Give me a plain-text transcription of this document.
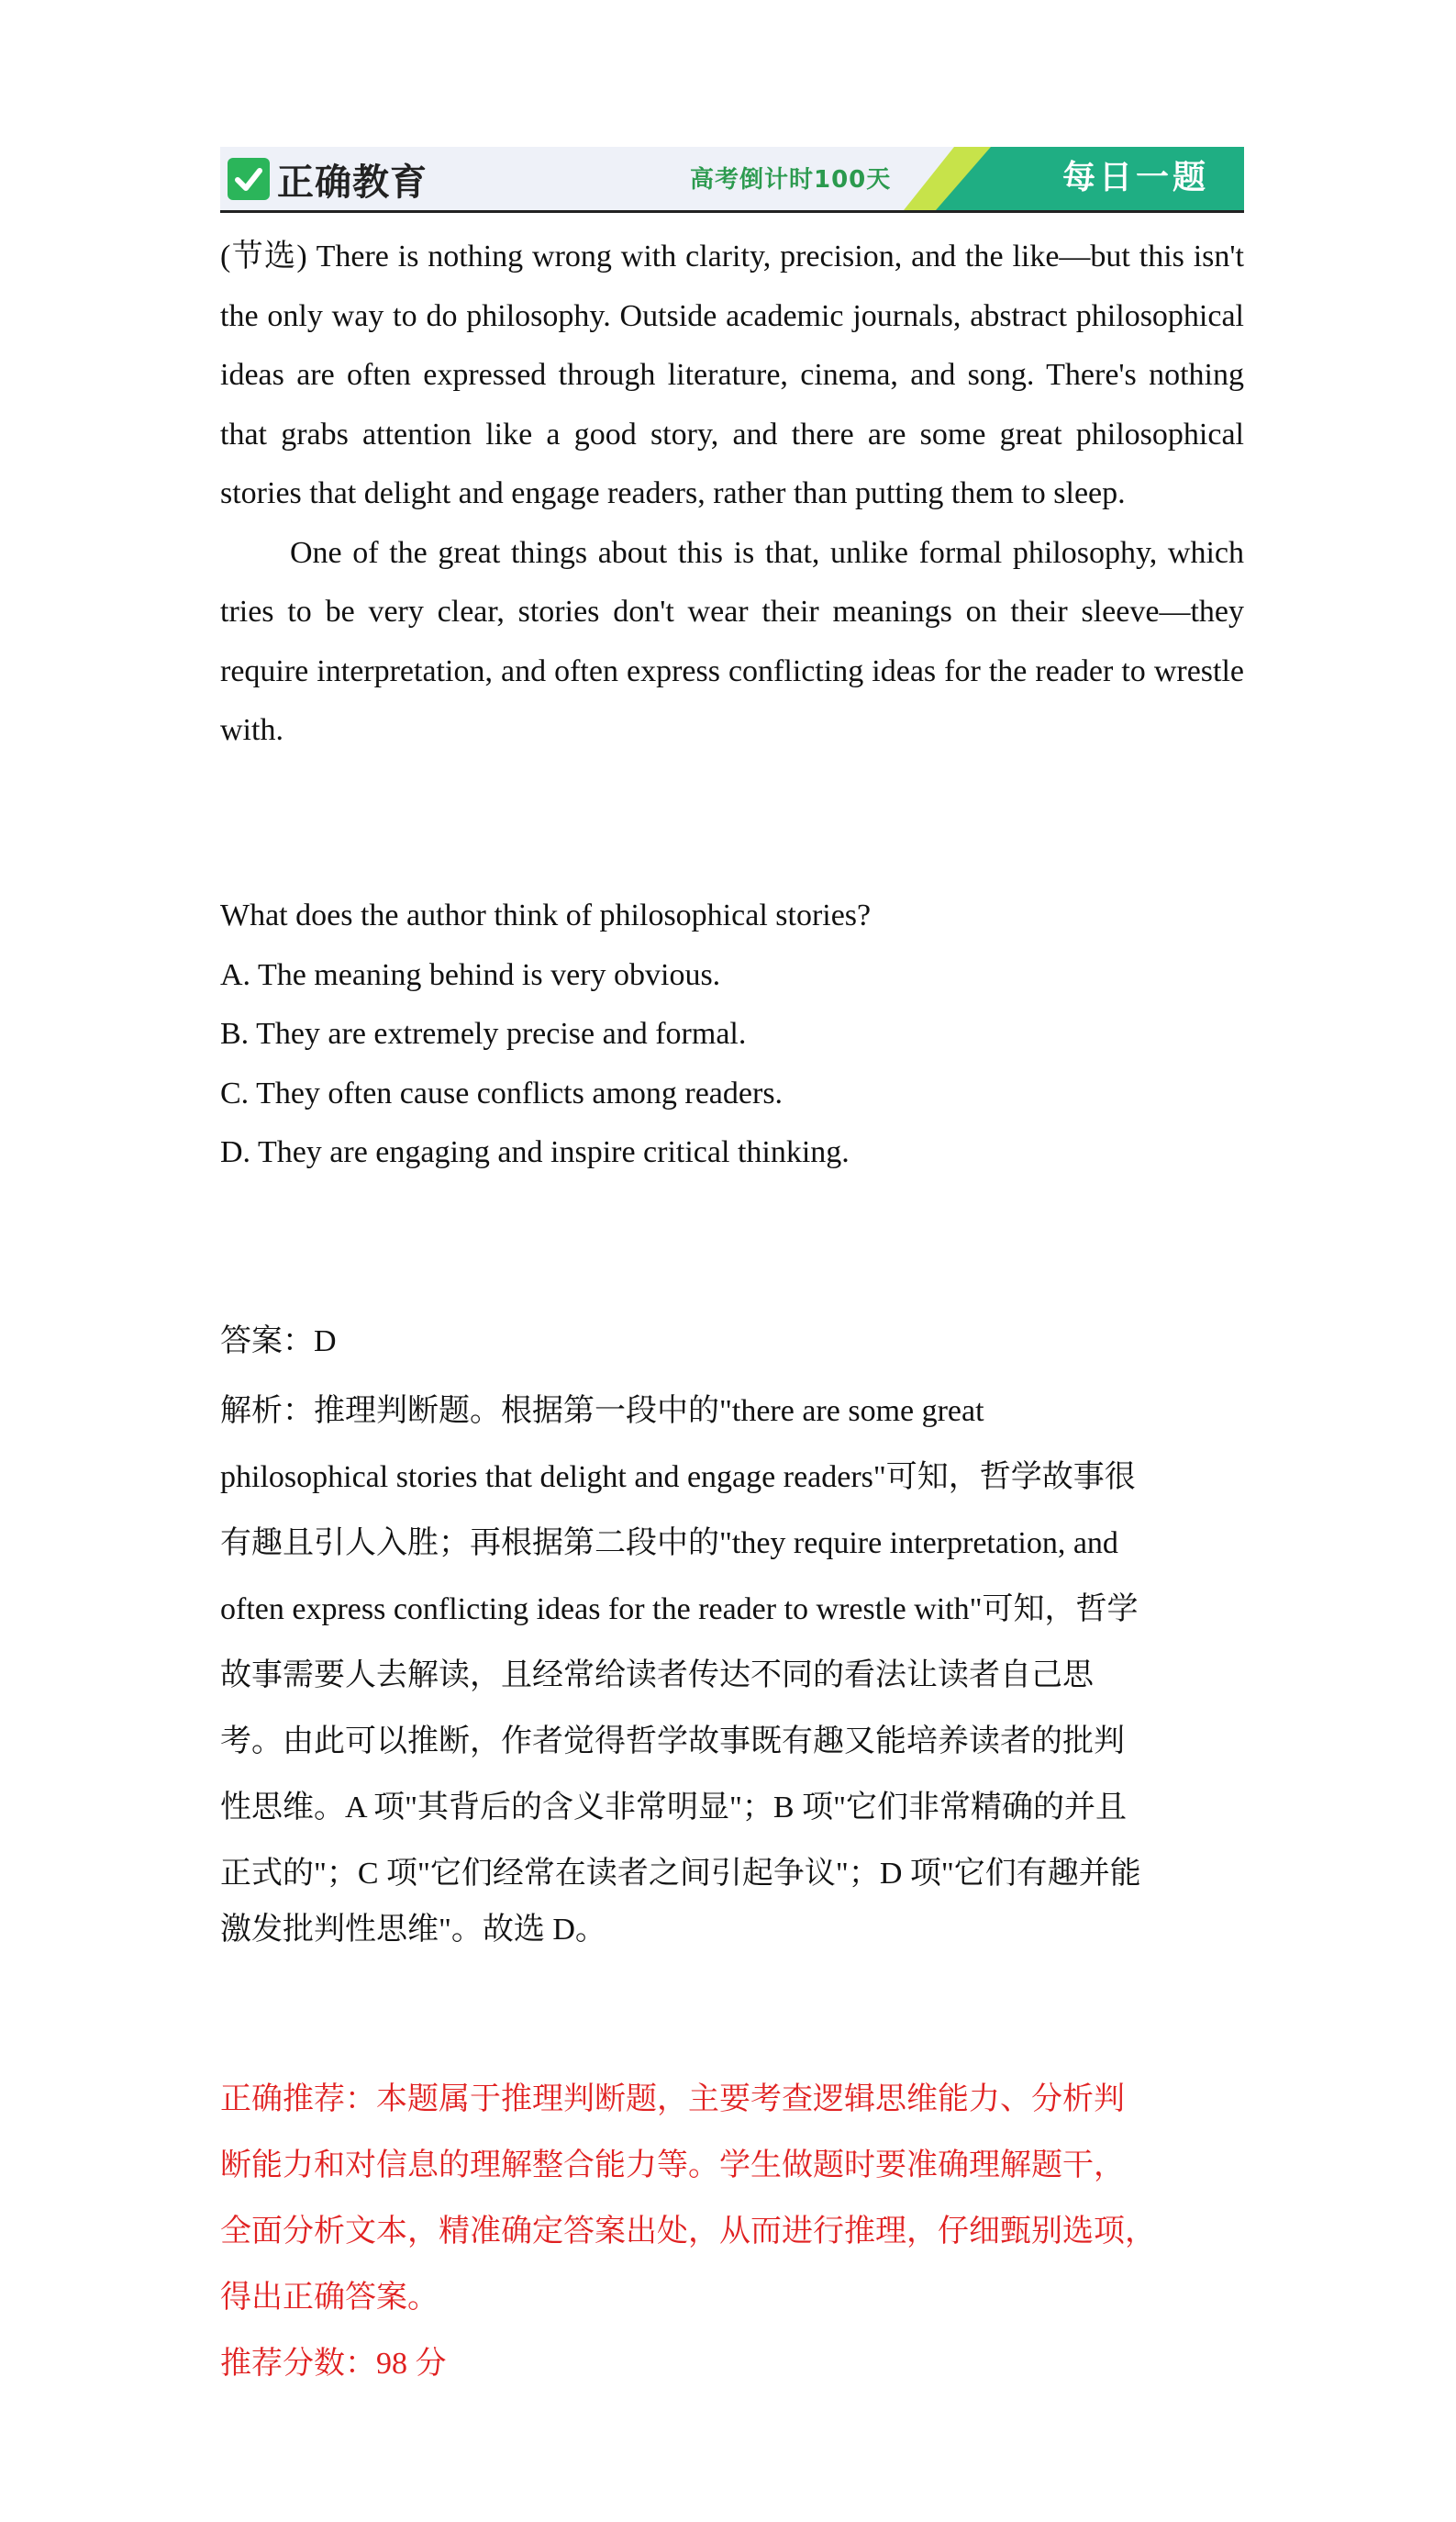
正确教育	高考倒计时100天	每日一题

(节选) There is nothing wrong with clarity, precision, and the like—but this isn't the only way to do philosophy. Outside academic journals, abstract philosophical ideas are often expressed through literature, cinema, and song. There's nothing that grabs attention like a good story, and there are some great philosophical stories that delight and engage readers, rather than putting them to sleep.

One of the great things about this is that, unlike formal philosophy, which tries to be very clear, stories don't wear their meanings on their sleeve—they require interpretation, and often express conflicting ideas for the reader to wrestle with.

What does the author think of philosophical stories?
A. The meaning behind is very obvious.
B. They are extremely precise and formal.
C. They often cause conflicts among readers.
D. They are engaging and inspire critical thinking.
答案：D
解析：推理判断题。根据第一段中的"there are some great
philosophical stories that delight and engage readers"可知，哲学故事很
有趣且引人入胜；再根据第二段中的"they require interpretation, and
often express conflicting ideas for the reader to wrestle with"可知，哲学
故事需要人去解读，且经常给读者传达不同的看法让读者自己思
考。由此可以推断，作者觉得哲学故事既有趣又能培养读者的批判
性思维。A 项"其背后的含义非常明显"；B 项"它们非常精确的并且
正式的"；C 项"它们经常在读者之间引起争议"；D 项"它们有趣并能
激发批判性思维"。故选 D。
正确推荐：本题属于推理判断题，主要考查逻辑思维能力、分析判
断能力和对信息的理解整合能力等。学生做题时要准确理解题干，
全面分析文本，精准确定答案出处，从而进行推理，仔细甄别选项，
得出正确答案。
推荐分数：98 分
